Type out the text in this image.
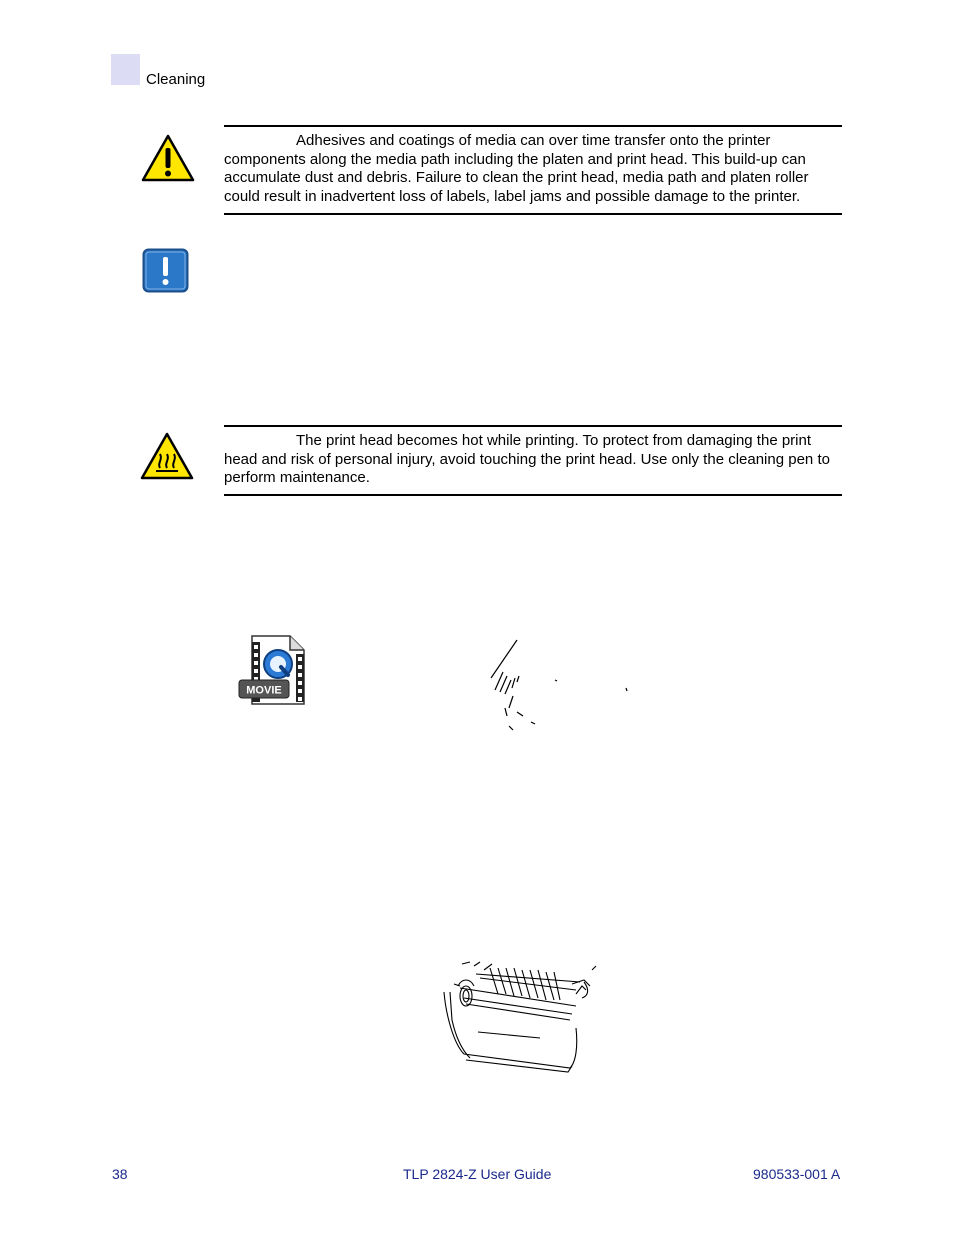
Cleaning

Adhesives and coatings of media can over time transfer onto the printer components along the media path including the platen and print head. This build-up can accumulate dust and debris. Failure to clean the print head, media path and platen roller could result in inadvertent loss of labels, label jams and possible damage to the printer.

The print head becomes hot while printing. To protect from damaging the print head and risk of personal injury, avoid touching the print head. Use only the cleaning pen to perform maintenance.

MOVIE
38	TLP 2824-Z User Guide	980533-001 A
